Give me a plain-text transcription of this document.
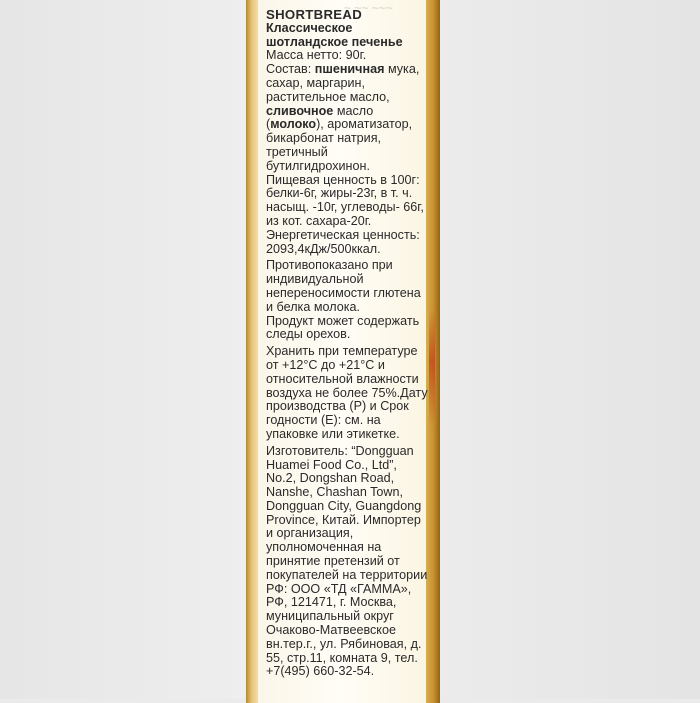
~ ~~ ~~~

SHORTBREAD

Классическое шотландское печенье

Масса нетто: 90г.

Состав: пшеничная мука, сахар, маргарин, растительное масло, сливочное масло (молоко), ароматизатор, бикарбонат натрия, третичный бутилгидрохинон.

Пищевая ценность в 100г: белки-6г, жиры-23г, в т. ч. насыщ. -10г, углеводы- 66г, из кот. сахара-20г.

Энергетическая ценность: 2093,4кДж/500ккал.

Противопоказано при индивидуальной непереносимости глютена и белка молока.

Продукт может содержать следы орехов.

Хранить при температуре от +12°С до +21°С и относительной влажности воздуха не более 75%.Дату производства (Р) и Срок годности (Е): см. на упаковке или этикетке.

Изготовитель: “Dongguan Huamei Food Co., Ltd”, No.2, Dongshan Road, Nanshe, Chashan Town, Dongguan City, Guangdong Province, Китай. Импортер и организация, уполномоченная на принятие претензий от покупателей на территории РФ: ООО «ТД «ГАММА», РФ, 121471, г. Москва, муниципальный округ Очаково-Матвеевское вн.тер.г., ул. Рябиновая, д. 55, стр.11, комната 9, тел. +7(495) 660-32-54.
